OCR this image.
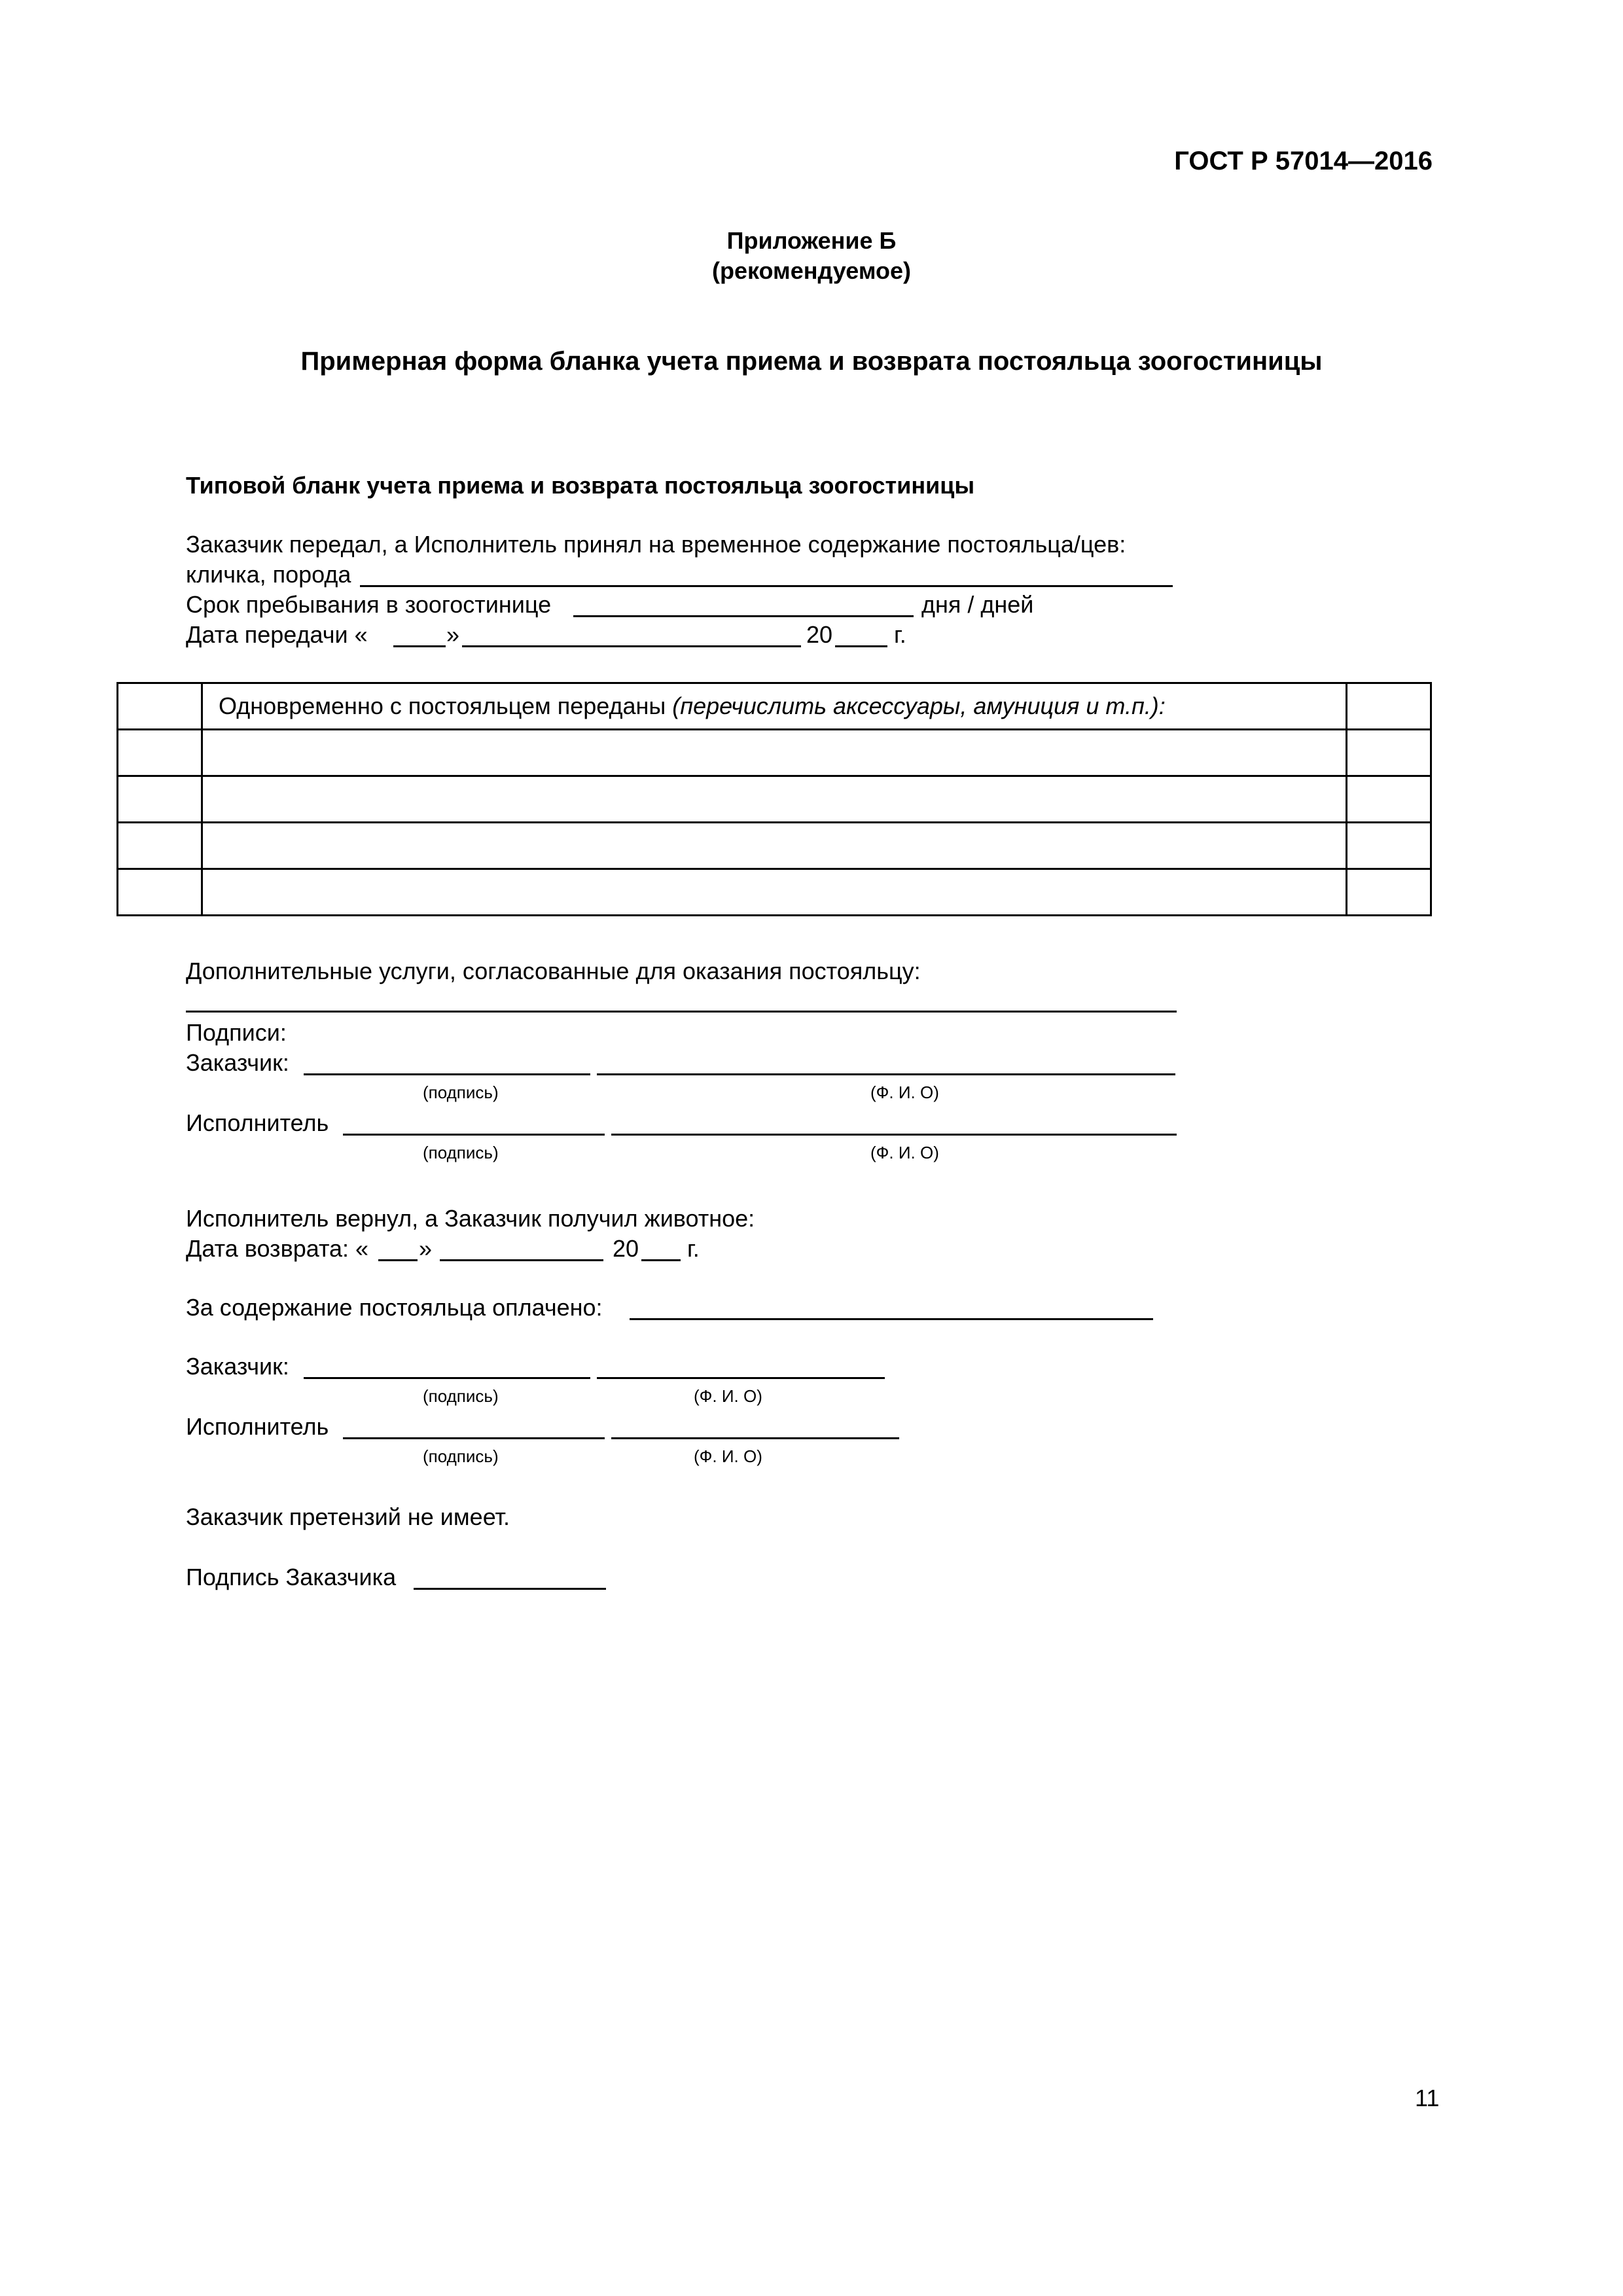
ГОСТ Р 57014—2016
Приложение Б
(рекомендуемое)
Примерная форма бланка учета приема и возврата постояльца зоогостиницы
Типовой бланк учета приема и возврата постояльца зоогостиницы
Заказчик передал, а Исполнитель принял на временное содержание постояльца/цев:
кличка, порода
Срок пребывания в зоогостинице	дня / дней
Дата передачи «	»	20	г.
	Одновременно с постояльцем переданы (перечислить аксессуары, амуниция и т.п.):	

Дополнительные услуги, согласованные для оказания постояльцу:
Подписи:
Заказчик:
(подпись)	(Ф. И. О)
Исполнитель
(подпись)	(Ф. И. О)
Исполнитель вернул, а Заказчик получил животное:
Дата возврата: « »	20 г.
За содержание постояльца оплачено:
Заказчик:
(подпись)	(Ф. И. О)
Исполнитель
(подпись)	(Ф. И. О)
Заказчик претензий не имеет.
Подпись Заказчика
11
